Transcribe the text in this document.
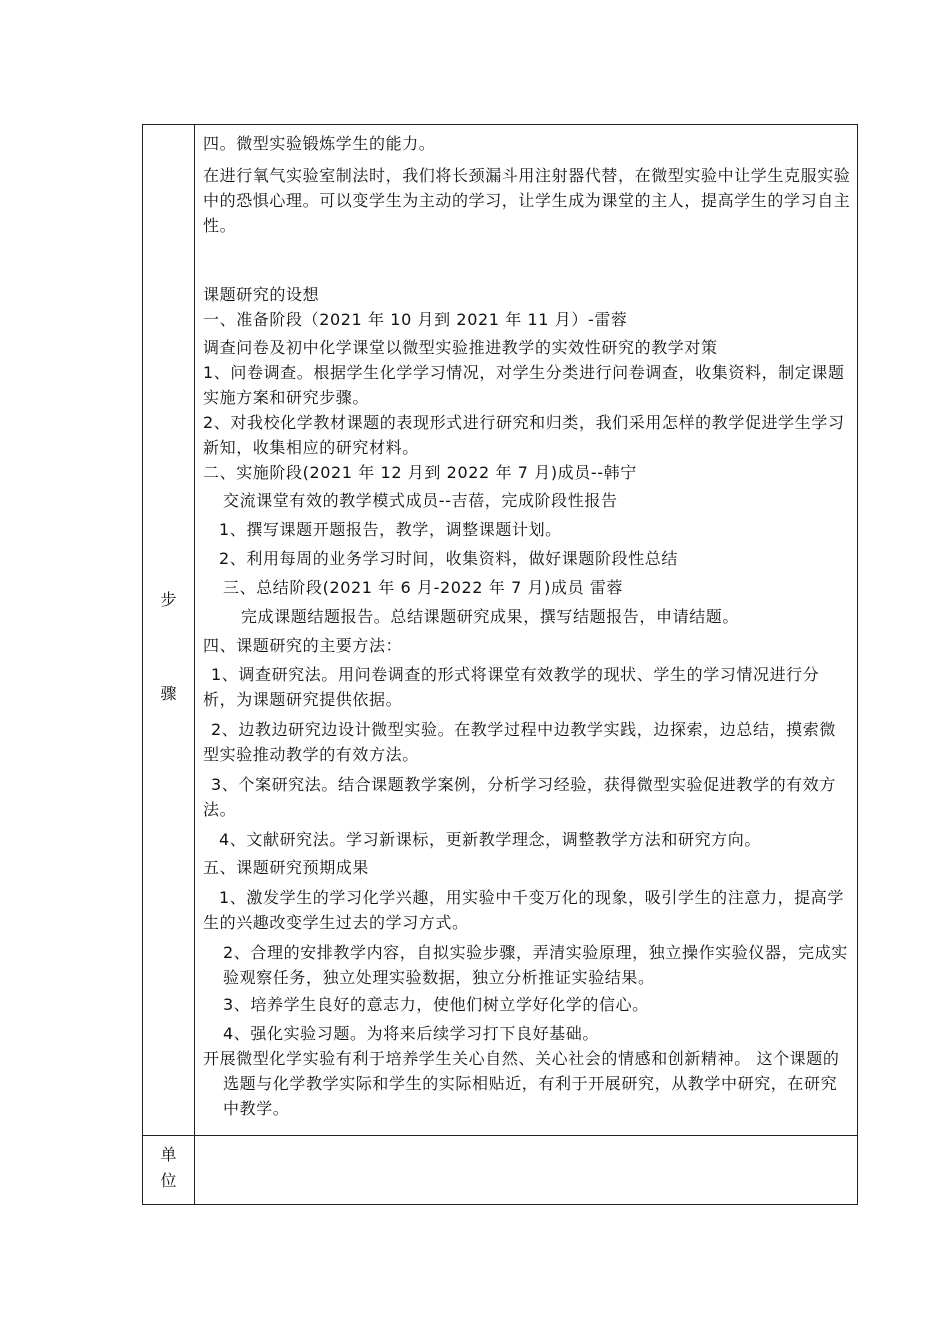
步
骤
单
位

四。微型实验锻炼学生的能力。

在进行氧气实验室制法时，我们将长颈漏斗用注射器代替，在微型实验中让学生克服实验中的恐惧心理。可以变学生为主动的学习，让学生成为课堂的主人，提高学生的学习自主性。

课题研究的设想

一、准备阶段（2021 年 10 月到 2021 年 11 月）-雷蓉

调查问卷及初中化学课堂以微型实验推进教学的实效性研究的教学对策

1、问卷调查。根据学生化学学习情况，对学生分类进行问卷调查，收集资料，制定课题实施方案和研究步骤。

2、对我校化学教材课题的表现形式进行研究和归类，我们采用怎样的教学促进学生学习新知，收集相应的研究材料。

二、实施阶段(2021 年 12 月到 2022 年 7 月)成员--韩宁

交流课堂有效的教学模式成员--吉蓓，完成阶段性报告

1、撰写课题开题报告，教学，调整课题计划。

2、利用每周的业务学习时间，收集资料，做好课题阶段性总结

三、总结阶段(2021 年 6 月-2022 年 7 月)成员 雷蓉

完成课题结题报告。总结课题研究成果，撰写结题报告，申请结题。

四、课题研究的主要方法：

1、调查研究法。用问卷调查的形式将课堂有效教学的现状、学生的学习情况进行分析，为课题研究提供依据。

2、边教边研究边设计微型实验。在教学过程中边教学实践，边探索，边总结，摸索微型实验推动教学的有效方法。

3、个案研究法。结合课题教学案例，分析学习经验，获得微型实验促进教学的有效方法。

4、文献研究法。学习新课标，更新教学理念，调整教学方法和研究方向。

五、课题研究预期成果

1、激发学生的学习化学兴趣，用实验中千变万化的现象，吸引学生的注意力，提高学生的兴趣改变学生过去的学习方式。

2、合理的安排教学内容，自拟实验步骤，弄清实验原理，独立操作实验仪器，完成实验观察任务，独立处理实验数据，独立分析推证实验结果。

3、培养学生良好的意志力，使他们树立学好化学的信心。

4、强化实验习题。为将来后续学习打下良好基础。

开展微型化学实验有利于培养学生关心自然、关心社会的情感和创新精神。 这个课题的选题与化学教学实际和学生的实际相贴近，有利于开展研究，从教学中研究，在研究中教学。
